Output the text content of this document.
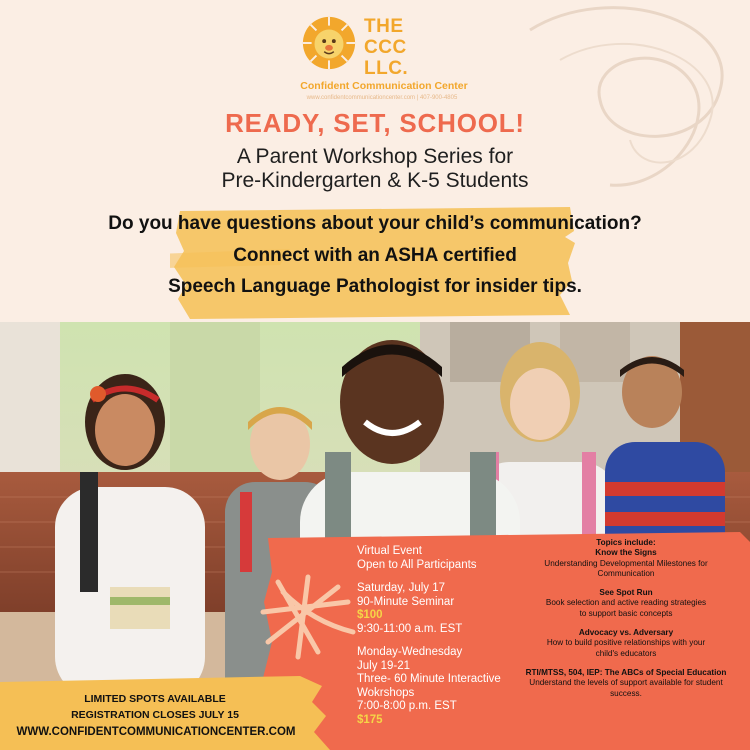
THE
CCC
LLC.
Confident Communication Center
www.confidentcommunicationcenter.com | 407-900-4805
READY, SET, SCHOOL!
A Parent Workshop Series for
Pre-Kindergarten & K-5 Students
Do you have questions about your child’s communication?
Connect with an ASHA certified
Speech Language Pathologist for insider tips.
Virtual Event
Open to All Participants
Saturday, July 17
90-Minute Seminar
$100
9:30-11:00 a.m. EST
Monday-Wednesday
July 19-21
Three- 60 Minute Interactive
Wokrshops
7:00-8:00 p.m. EST
$175
Topics include:
Know the Signs
Understanding Developmental Milestones for
Communication
See Spot Run
Book selection and active reading strategies
to support basic concepts
Advocacy vs. Adversary
How to build positive relationships with your
child's educators
RTI/MTSS, 504, IEP: The ABCs of Special Education
Understand the levels of support available for student
success.
LIMITED SPOTS AVAILABLE
REGISTRATION CLOSES JULY 15
WWW.CONFIDENTCOMMUNICATIONCENTER.COM
